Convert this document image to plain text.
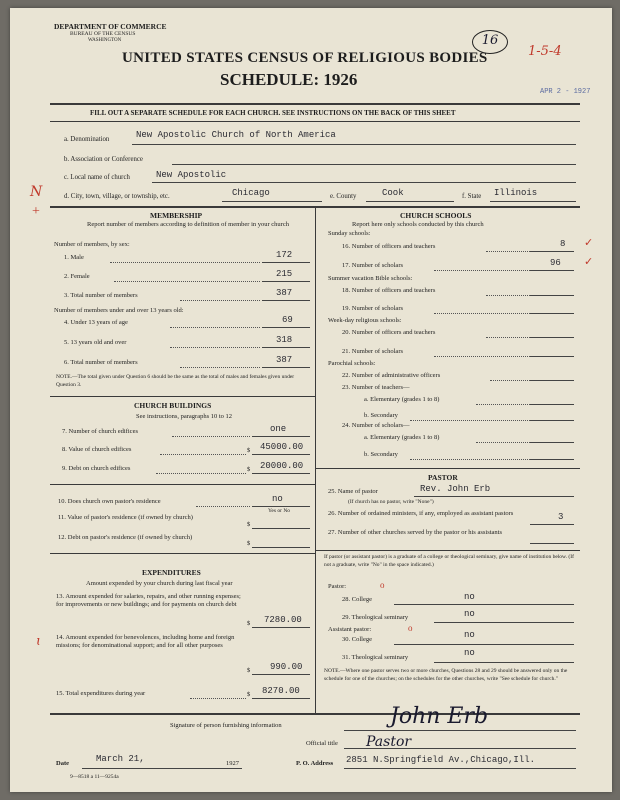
DEPARTMENT OF COMMERCE
BUREAU OF THE CENSUS
WASHINGTON
UNITED STATES CENSUS OF RELIGIOUS BODIES
SCHEDULE: 1926
16
1-5-4
APR 2 - 1927
FILL OUT A SEPARATE SCHEDULE FOR EACH CHURCH. SEE INSTRUCTIONS ON THE BACK OF THIS SHEET
a. Denomination	New Apostolic Church of North America
b. Association or Conference
c. Local name of church	New Apostolic
N
+
d. City, town, village, or township, etc.	Chicago	e. County	Cook	f. State Illinois
MEMBERSHIP
Report number of members according to definition of member in your church
Number of members, by sex:
1. Male	172
2. Female	215
3. Total number of members	387
Number of members under and over 13 years old:
4. Under 13 years of age	69
5. 13 years old and over	318
6. Total number of members	387
NOTE.—The total given under Question 6 should be the same as the total of males and females given under Question 3.
CHURCH BUILDINGS
See instructions, paragraphs 10 to 12
7. Number of church edifices	one
8. Value of church edifices	$ 45000.00
9. Debt on church edifices	$ 20000.00
10. Does church own pastor's residence	no
Yes or No
11. Value of pastor's residence (if owned by church)
$
12. Debt on pastor's residence (if owned by church)
$
EXPENDITURES
Amount expended by your church during last fiscal year
13. Amount expended for salaries, repairs, and other running expenses; for improvements or new buildings; and for payments on church debt
$ 7280.00
14. Amount expended for benevolences, including home and foreign missions; for denominational support; and for all other purposes
ɩ
$ 990.00
15. Total expenditures during year	$ 8270.00
CHURCH SCHOOLS
Report here only schools conducted by this church
Sunday schools:
16. Number of officers and teachers	8 ✓
17. Number of scholars	96 ✓
Summer vacation Bible schools:
18. Number of officers and teachers
19. Number of scholars
Week-day religious schools:
20. Number of officers and teachers
21. Number of scholars
Parochial schools:
22. Number of administrative officers
23. Number of teachers—
a. Elementary (grades 1 to 8)
b. Secondary
24. Number of scholars—
a. Elementary (grades 1 to 8)
b. Secondary
PASTOR
25. Name of pastor	Rev. John Erb
(If church has no pastor, write "None")
26. Number of ordained ministers, if any, employed as assistant pastors	3
27. Number of other churches served by the pastor or his assistants
If pastor (or assistant pastor) is a graduate of a college or theological seminary, give name of institution below. (If not a graduate, write "No" in the space indicated.)
Pastor:	o
28. College	no
29. Theological seminary	no
Assistant pastor:	o
30. College	no
31. Theological seminary	no
NOTE.—Where one pastor serves two or more churches, Questions 28 and 29 should be answered only on the schedule for one of the churches; on the schedules for the other churches, write "See schedule for church."
Signature of person furnishing information	John Erb
Official title Pastor
Date	March 21,	1927	P. O. Address 2851 N.Springfield Av.,Chicago,Ill.
9—8518 a 11—9254a
